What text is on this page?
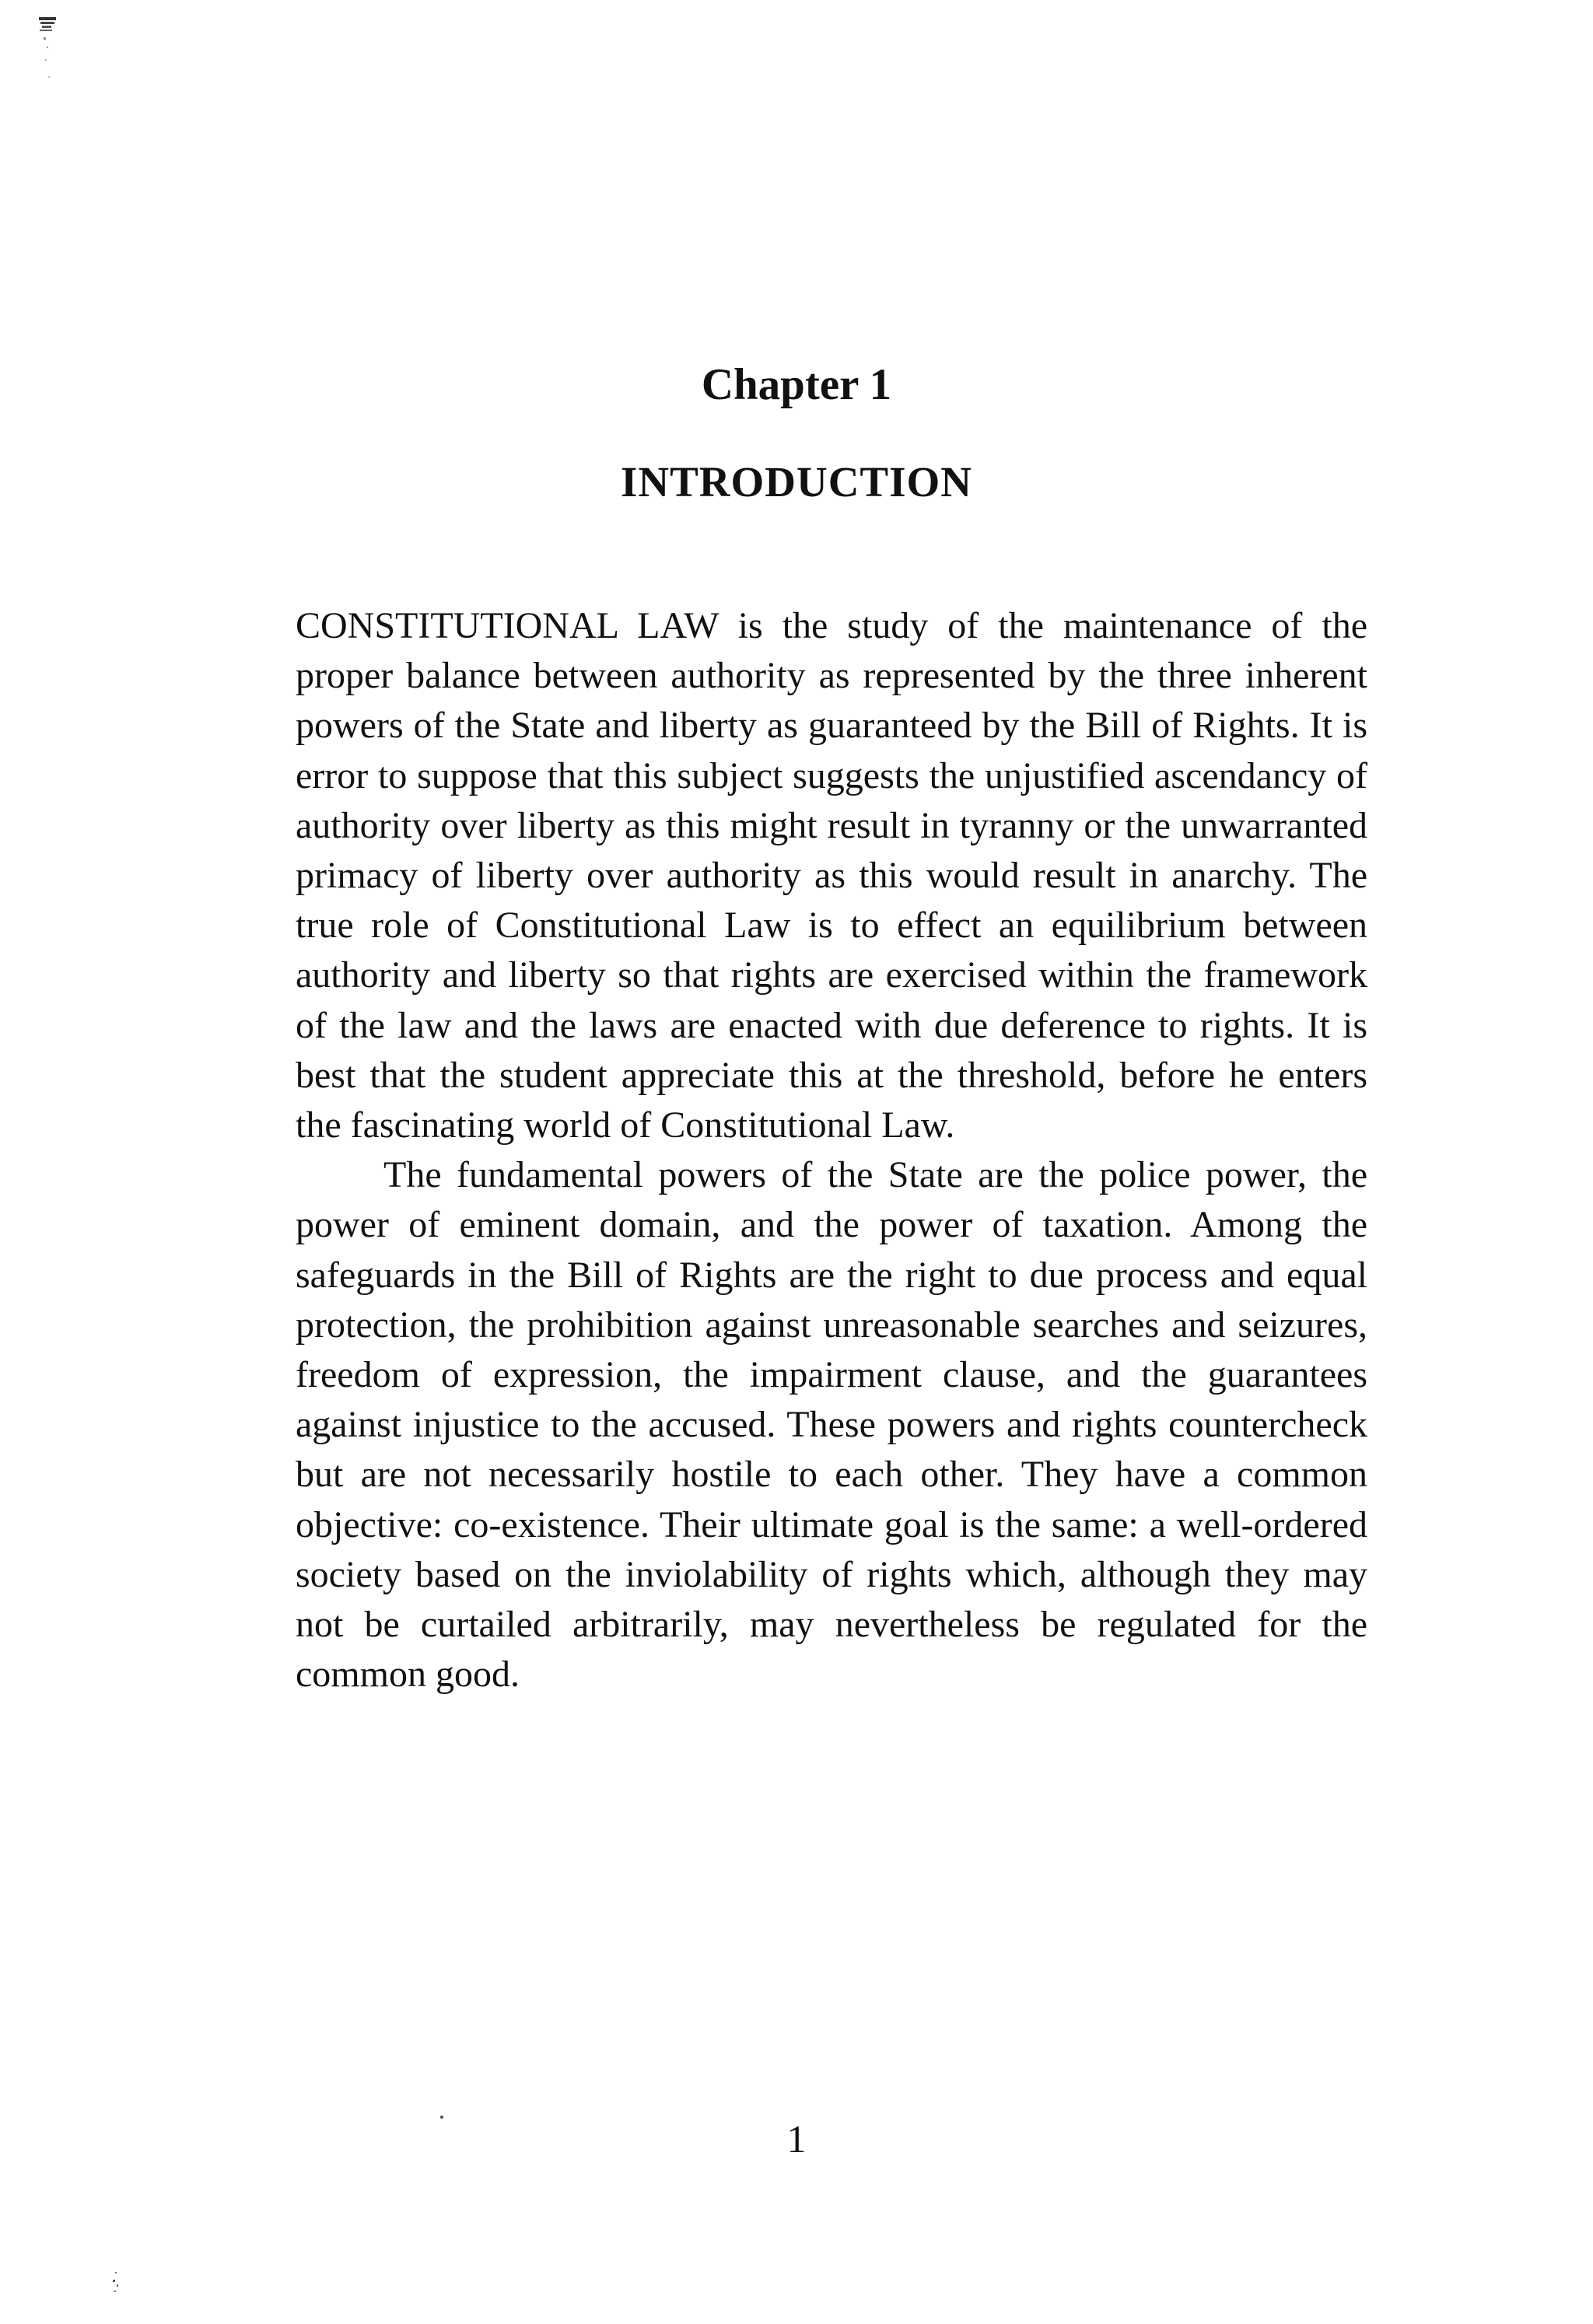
Chapter 1
INTRODUCTION

CONSTITUTIONAL LAW is the study of the maintenance of the proper balance between authority as represented by the three inherent powers of the State and liberty as guaranteed by the Bill of Rights. It is error to suppose that this subject suggests the unjustified ascendancy of authority over liberty as this might result in tyranny or the unwarranted primacy of liberty over authority as this would result in anarchy. The true role of Constitutional Law is to effect an equilibrium between authority and liberty so that rights are exercised within the framework of the law and the laws are enacted with due deference to rights. It is best that the student appreciate this at the threshold, before he enters the fascinating world of Constitutional Law.

The fundamental powers of the State are the police power, the power of eminent domain, and the power of taxation. Among the safeguards in the Bill of Rights are the right to due process and equal protection, the prohibition against unreasonable searches and seizures, freedom of expression, the impairment clause, and the guarantees against injustice to the accused. These powers and rights countercheck but are not necessarily hostile to each other. They have a common objective: co-existence. Their ultimate goal is the same: a well-ordered society based on the inviolability of rights which, although they may not be curtailed arbitrarily, may nevertheless be regulated for the common good.

1
